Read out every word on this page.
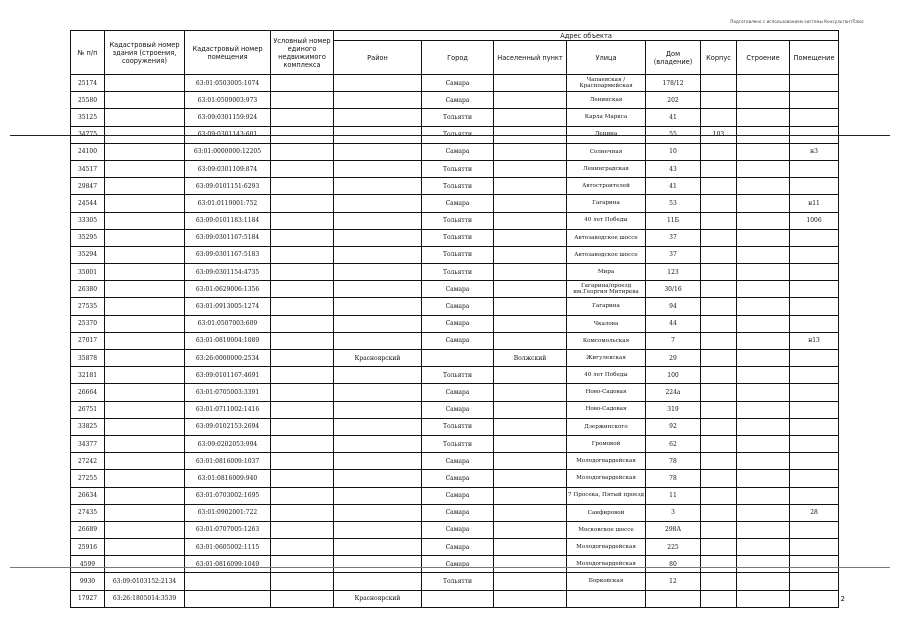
Подготовлено с использованием системы КонсультантПлюс
№ п/п	Кадастровый номер здания (строения, сооружения)	Кадастровый номер помещения	Условный номер единого недвижимого комплекса	Адрес объекта							
				Район	Город	Населенный пункт	Улица	Дом (владение)	Корпус	Строение	Помещение
25174		63:01:0503005:1074			Самара		Чапаевская /Красноармейская	178/12			
25580		63:01:0509003:973			Самара		Ленинская	202			
35125		63:09:0301159:924			Тольятти		Карла Маркса	41			
34775		63:09:0301143:601			Тольятти		Ленина	55	103		
24100		63:01:0000000:12205			Самара		Солнечная	10			н3
34517		63:09:0301109:874			Тольятти		Ленинградская	43			
29847		63:09:0101151:6293			Тольятти		Автостроителей	41			
24544		63:01:0119001:752			Самара		Гагарина	53			н11
33305		63:09:0101183:1184			Тольятти		40 лет Победы	11Б			1006
35295		63:09:0301167:5184			Тольятти		Автозаводское шоссе	37			
35294		63:09:0301167:5183			Тольятти		Автозаводское шоссе	37			
35001		63:09:0301154:4735			Тольятти		Мира	123			
26380		63:01:0629006:1356			Самара		Гагарина/проезд им.Георгия Митирева	30/16			
27535		63:01:0913005:1274			Самара		Гагарина	94			
25370		63:01:0507003:609			Самара		Чкалова	44			
27017		63:01:0810004:1089			Самара		Комсомольская	7			н13
35878		63:26:0000000:2534		Красноярский		Волжский	Жигулевская	29			
32181		63:09:0101167:4691			Тольятти		40 лет Победы	100			
26664		63:01:0705003:3391			Самара		Ново-Садовая	224а			
26751		63:01:0711002:1416			Самара		Ново-Садовая	319			
33825		63:09:0102153:2694			Тольятти		Дзержинского	92			
34377		63:09:0202053:994			Тольятти		Громовой	62			
27242		63:01:0816009:1037			Самара		Молодогвардейская	78			
27255		63:01:0816009:940			Самара		Молодогвардейская	78			
26634		63:01:0703002:1695			Самара		7 Просека, Пятый проезд	11			
27435		63:01:0902001:722			Самара		Санфировой	3			28
26689		63:01:0707005:1263			Самара		Московское шоссе	298А			
25916		63:01:0605002:1115			Самара		Молодогвардейская	225			
4599		63:01:0816099:1049			Самара		Молодогвардейская	80			
9930	63:09:0103152:2134				Тольятти		Борковская	12			
17927	63:26:1805014:3539			Красноярский								2
